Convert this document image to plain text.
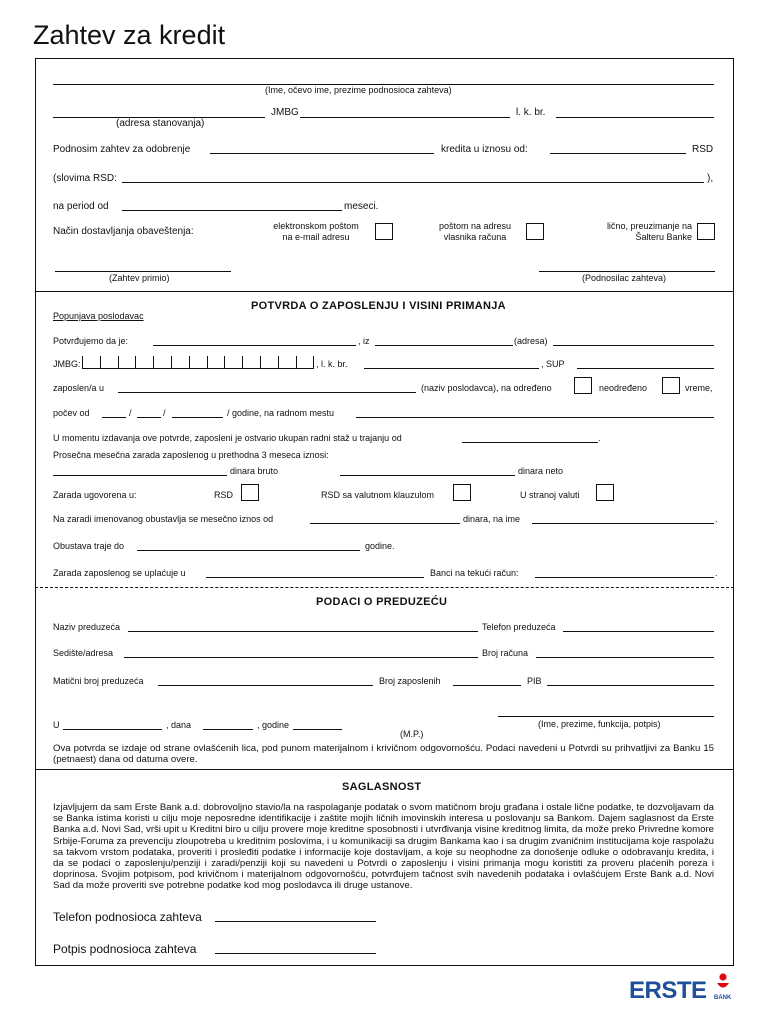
Zahtev za kredit
(Ime, očevo ime, prezime podnosioca zahteva)
JMBG	l. k. br.
(adresa stanovanja)
Podnosim zahtev za odobrenje	kredita u iznosu od:	RSD
(slovima RSD:	),
na period od	meseci.
Način dostavljanja obaveštenja:	elektronskom poštom
na e-mail adresu
poštom na adresu
vlasnika računa
lično, preuzimanje na
Šalteru Banke
(Zahtev primio)	(Podnosilac zahteva)
POTVRDA O ZAPOSLENJU I VISINI PRIMANJA
Popunjava poslodavac
Potvrđujemo da je:	, iz	(adresa)
JMBG:	, l. k. br.	, SUP
zaposlen/a u	(naziv poslodavca), na određeno	neodređeno	vreme,
počev od	/	/	/ godine, na radnom mestu
U momentu izdavanja ove potvrde, zaposleni je ostvario ukupan radni staž u trajanju od	.
Prosečna mesečna zarada zaposlenog u prethodna 3 meseca iznosi:
dinara bruto	dinara neto
Zarada ugovorena u:	RSD	RSD sa valutnom klauzulom	U stranoj valuti
Na zaradi imenovanog obustavlja se mesečno iznos od	dinara, na ime	.
Obustava traje do	godine.
Zarada zaposlenog se uplaćuje u	Banci na tekući račun:	.
PODACI O PREDUZEĆU
Naziv preduzeća	Telefon preduzeća
Sedište/adresa	Broj računa
Matični broj preduzeća	Broj zaposlenih	PIB
U	, dana	, godine
(M.P.)
(Ime, prezime, funkcija, potpis)
Ova potvrda se izdaje od strane ovlašćenih lica, pod punom materijalnom i krivičnom odgovornošću. Podaci navedeni u Potvrdi su prihvatljivi za Banku 15 (petnaest) dana od datuma overe.
SAGLASNOST
Izjavljujem da sam Erste Bank a.d. dobrovoljno stavio/la na raspolaganje podatak o svom matičnom broju građana i ostale lične podatke, te dozvoljavam da se Banka istima koristi u cilju moje neposredne identifikacije i zaštite mojih ličnih imovinskih interesa u poslovanju sa Bankom. Dajem saglasnost da Erste Banka a.d. Novi Sad, vrši upit u Kreditni biro u cilju provere moje kreditne sposobnosti i utvrđivanja visine kreditnog limita, da može preko Privredne komore Srbije-Foruma za prevenciju zloupotreba u kreditnim poslovima, i u komunikaciji sa drugim Bankama kao i sa drugim zvaničnim institucijama koje raspolažu sa takvom vrstom podataka, proveriti i prosleđiti podatke i informacije koje dostavljam, a koje su neophodne za donošenje odluke o odobravanju kredita, i da se podaci o zaposlenju/penziji i zaradi/penziji koji su navedeni u Potvrdi o zaposlenju i visini primanja mogu koristiti za proveru plaćenih poreza i doprinosa. Svojim potpisom, pod krivičnom i materijalnom odgovornošću, potvrđujem tačnost svih navedenih podataka i ovlašćujem Erste Bank a.d. Novi Sad da može proveriti sve potrebne podatke kod mog poslodavca ili druge ustanove.
Telefon podnosioca zahteva
Potpis podnosioca zahteva
ERSTE BANK
